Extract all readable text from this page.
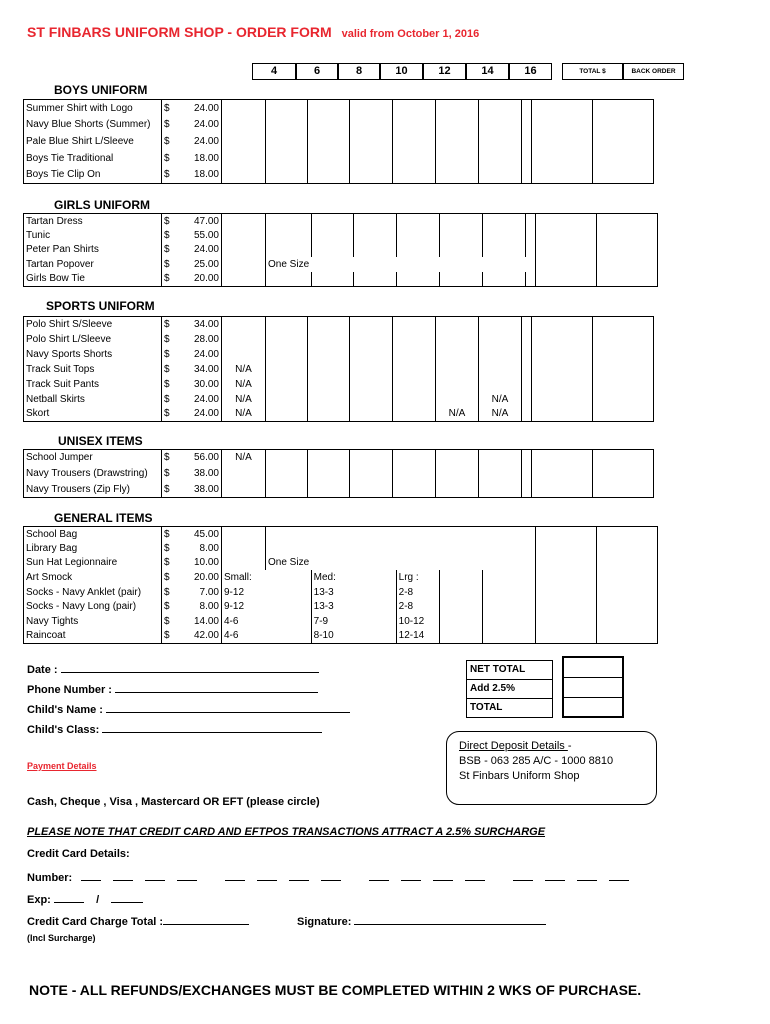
ST FINBARS UNIFORM SHOP - ORDER FORM valid from October 1, 2016
4	6	8	10	12	14	16	TOTAL $	BACK ORDER
BOYS UNIFORM
GIRLS UNIFORM
SPORTS UNIFORM
UNISEX ITEMS
GENERAL ITEMS
Summer Shirt with Logo	$	24.00										
Navy Blue Shorts (Summer)	$	24.00										
Pale Blue Shirt L/Sleeve	$	24.00										
Boys Tie Traditional	$	18.00										
Boys Tie Clip On	$	18.00										
Tartan Dress	$	47.00										
Tunic	$	55.00										
Peter Pan Shirts	$	24.00										
Tartan Popover	$	25.00		One Size								
Girls Bow Tie	$	20.00										
Polo Shirt S/Sleeve	$	34.00										
Polo Shirt L/Sleeve	$	28.00										
Navy Sports Shorts	$	24.00										
Track Suit Tops	$	34.00	N/A									
Track Suit Pants	$	30.00	N/A									
Netball Skirts	$	24.00	N/A						N/A			
Skort	$	24.00	N/A					N/A	N/A			
School Jumper	$	56.00	N/A									
Navy Trousers (Drawstring)	$	38.00										
Navy Trousers (Zip Fly)	$	38.00										
School Bag	$	45.00										
Library Bag	$	8.00										
Sun Hat Legionnaire	$	10.00		One Size								
Art Smock	$	20.00	Small:		Med:		Lrg :					
Socks - Navy Anklet (pair)	$	7.00	9-12		13-3		2-8					
Socks - Navy Long (pair)	$	8.00	9-12		13-3		2-8					
Navy Tights	$	14.00	4-6		7-9		10-12					
Raincoat	$	42.00	4-6		8-10		12-14					
Date :
Phone Number :
Child's Name :
Child's Class:
NET TOTAL
Add 2.5%
TOTAL
Direct Deposit Details -
BSB - 063 285 A/C - 1000 8810
St Finbars Uniform Shop
Payment Details
Cash, Cheque , Visa , Mastercard OR EFT (please circle)
PLEASE NOTE THAT CREDIT CARD AND EFTPOS TRANSACTIONS ATTRACT A 2.5% SURCHARGE
Credit Card Details:
Number:
Exp:	/
Credit Card Charge Total :	Signature:
(Incl Surcharge)
NOTE - ALL REFUNDS/EXCHANGES MUST BE COMPLETED WITHIN 2 WKS OF PURCHASE.
